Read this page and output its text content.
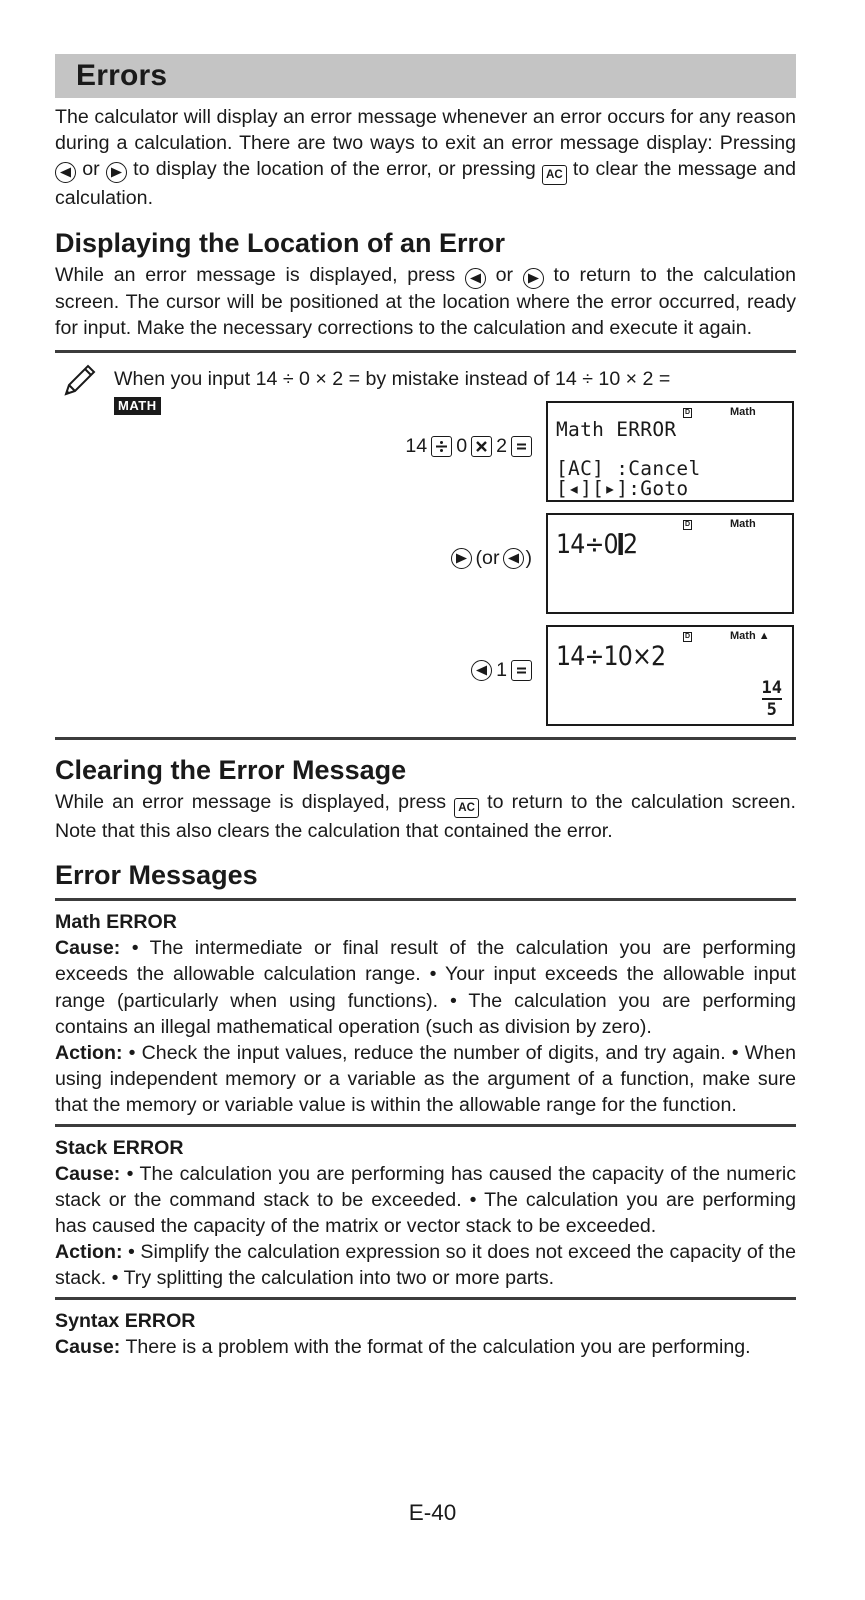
Errors
The calculator will display an error message whenever an error occurs for any reason during a calculation. There are two ways to exit an error message display: Pressing
or to display the location of the error, or pressing AC to clear the message and calculation.
Displaying the Location of an Error
While an error message is displayed, press or to return to the calculation screen. The cursor will be positioned at the location where the error occurred, ready for input. Make the necessary corrections to the calculation and execute it again.
When you input 14 ÷ 0 × 2 = by mistake instead of 14 ÷ 10 × 2 =
MATH
14 0 2
D	Math
Math ERROR
[AC] :Cancel
[◂][▸]:Goto
(or )
D	Math
14÷0 2
1
D	Math ▲
14÷10×2
14
5
Clearing the Error Message
While an error message is displayed, press AC to return to the calculation screen. Note that this also clears the calculation that contained the error.
Error Messages
Math ERROR
Cause: • The intermediate or final result of the calculation you are performing exceeds the allowable calculation range. • Your input exceeds the allowable input range (particularly when using functions). • The calculation you are performing contains an illegal mathematical operation (such as division by zero).
Action: • Check the input values, reduce the number of digits, and try again. • When using independent memory or a variable as the argument of a function, make sure that the memory or variable value is within the allowable range for the function.
Stack ERROR
Cause: • The calculation you are performing has caused the capacity of the numeric stack or the command stack to be exceeded. • The calculation you are performing has caused the capacity of the matrix or vector stack to be exceeded.
Action: • Simplify the calculation expression so it does not exceed the capacity of the stack. • Try splitting the calculation into two or more parts.
Syntax ERROR
Cause: There is a problem with the format of the calculation you are performing.
E-40
